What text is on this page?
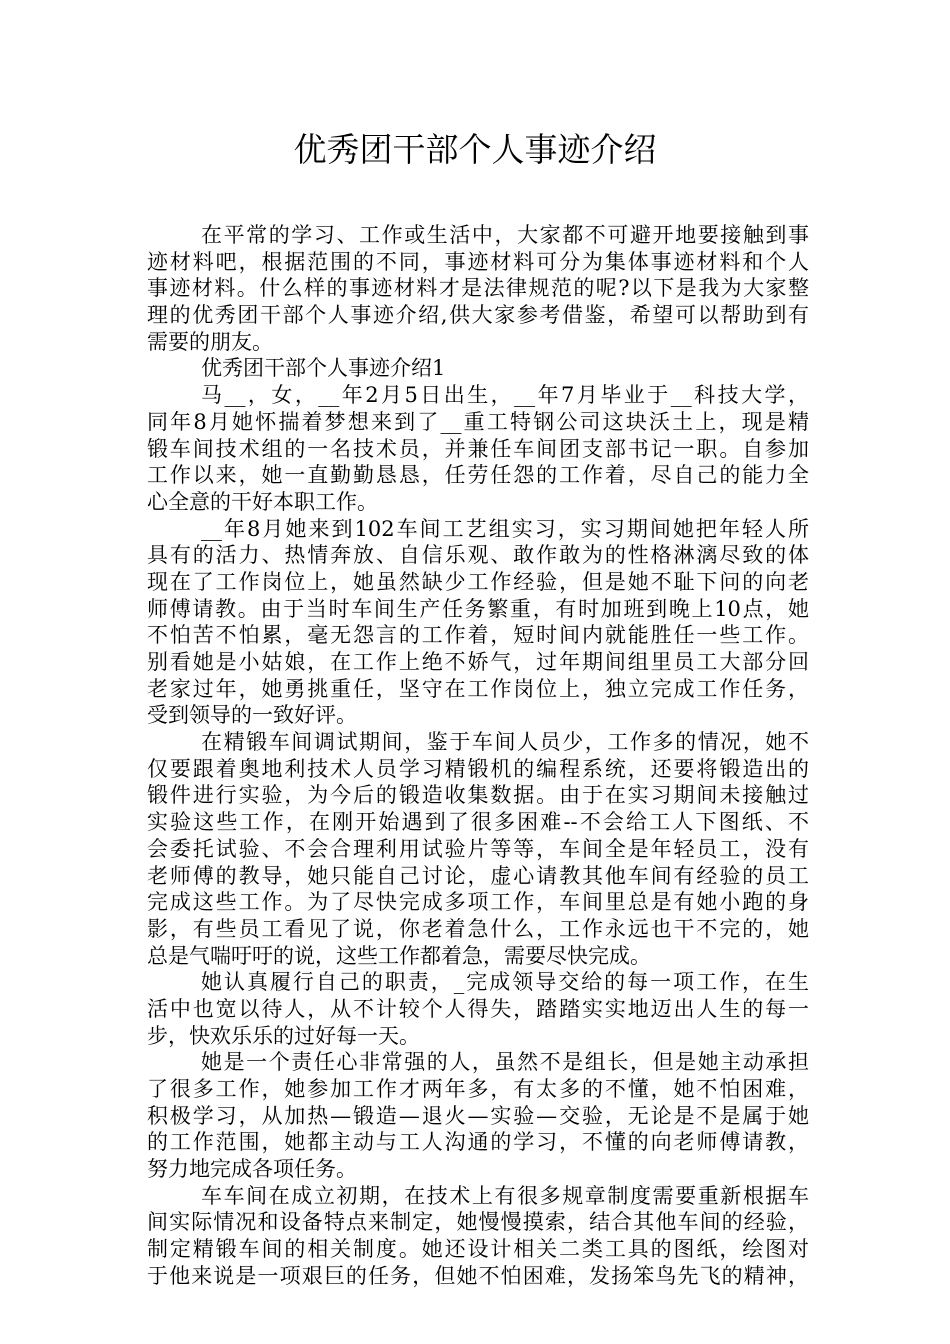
优秀团干部个人事迹介绍
在平常的学习、工作或生活中，大家都不可避开地要接触到事
迹材料吧，根据范围的不同，事迹材料可分为集体事迹材料和个人
事迹材料。什么样的事迹材料才是法律规范的呢?以下是我为大家整
理的优秀团干部个人事迹介绍,供大家参考借鉴，希望可以帮助到有
需要的朋友。
优秀团干部个人事迹介绍1
马__，女，__年2月5日出生，__年7月毕业于__科技大学，
同年8月她怀揣着梦想来到了__重工特钢公司这块沃土上，现是精
锻车间技术组的一名技术员，并兼任车间团支部书记一职。自参加
工作以来，她一直勤勤恳恳，任劳任怨的工作着，尽自己的能力全
心全意的干好本职工作。
__年8月她来到102车间工艺组实习，实习期间她把年轻人所
具有的活力、热情奔放、自信乐观、敢作敢为的性格淋漓尽致的体
现在了工作岗位上，她虽然缺少工作经验，但是她不耻下问的向老
师傅请教。由于当时车间生产任务繁重，有时加班到晚上10点，她
不怕苦不怕累，毫无怨言的工作着，短时间内就能胜任一些工作。
别看她是小姑娘，在工作上绝不娇气，过年期间组里员工大部分回
老家过年，她勇挑重任，坚守在工作岗位上，独立完成工作任务，
受到领导的一致好评。
在精锻车间调试期间，鉴于车间人员少，工作多的情况，她不
仅要跟着奥地利技术人员学习精锻机的编程系统，还要将锻造出的
锻件进行实验，为今后的锻造收集数据。由于在实习期间未接触过
实验这些工作，在刚开始遇到了很多困难--不会给工人下图纸、不
会委托试验、不会合理利用试验片等等，车间全是年轻员工，没有
老师傅的教导，她只能自己讨论，虚心请教其他车间有经验的员工
完成这些工作。为了尽快完成多项工作，车间里总是有她小跑的身
影，有些员工看见了说，你老着急什么，工作永远也干不完的，她
总是气喘吁吁的说，这些工作都着急，需要尽快完成。
她认真履行自己的职责，_完成领导交给的每一项工作，在生
活中也宽以待人，从不计较个人得失，踏踏实实地迈出人生的每一
步，快欢乐乐的过好每一天。
她是一个责任心非常强的人，虽然不是组长，但是她主动承担
了很多工作，她参加工作才两年多，有太多的不懂，她不怕困难，
积极学习，从加热—锻造—退火—实验—交验，无论是不是属于她
的工作范围，她都主动与工人沟通的学习，不懂的向老师傅请教，
努力地完成各项任务。
车车间在成立初期，在技术上有很多规章制度需要重新根据车
间实际情况和设备特点来制定，她慢慢摸索，结合其他车间的经验，
制定精锻车间的相关制度。她还设计相关二类工具的图纸，绘图对
于他来说是一项艰巨的任务，但她不怕困难，发扬笨鸟先飞的精神，
